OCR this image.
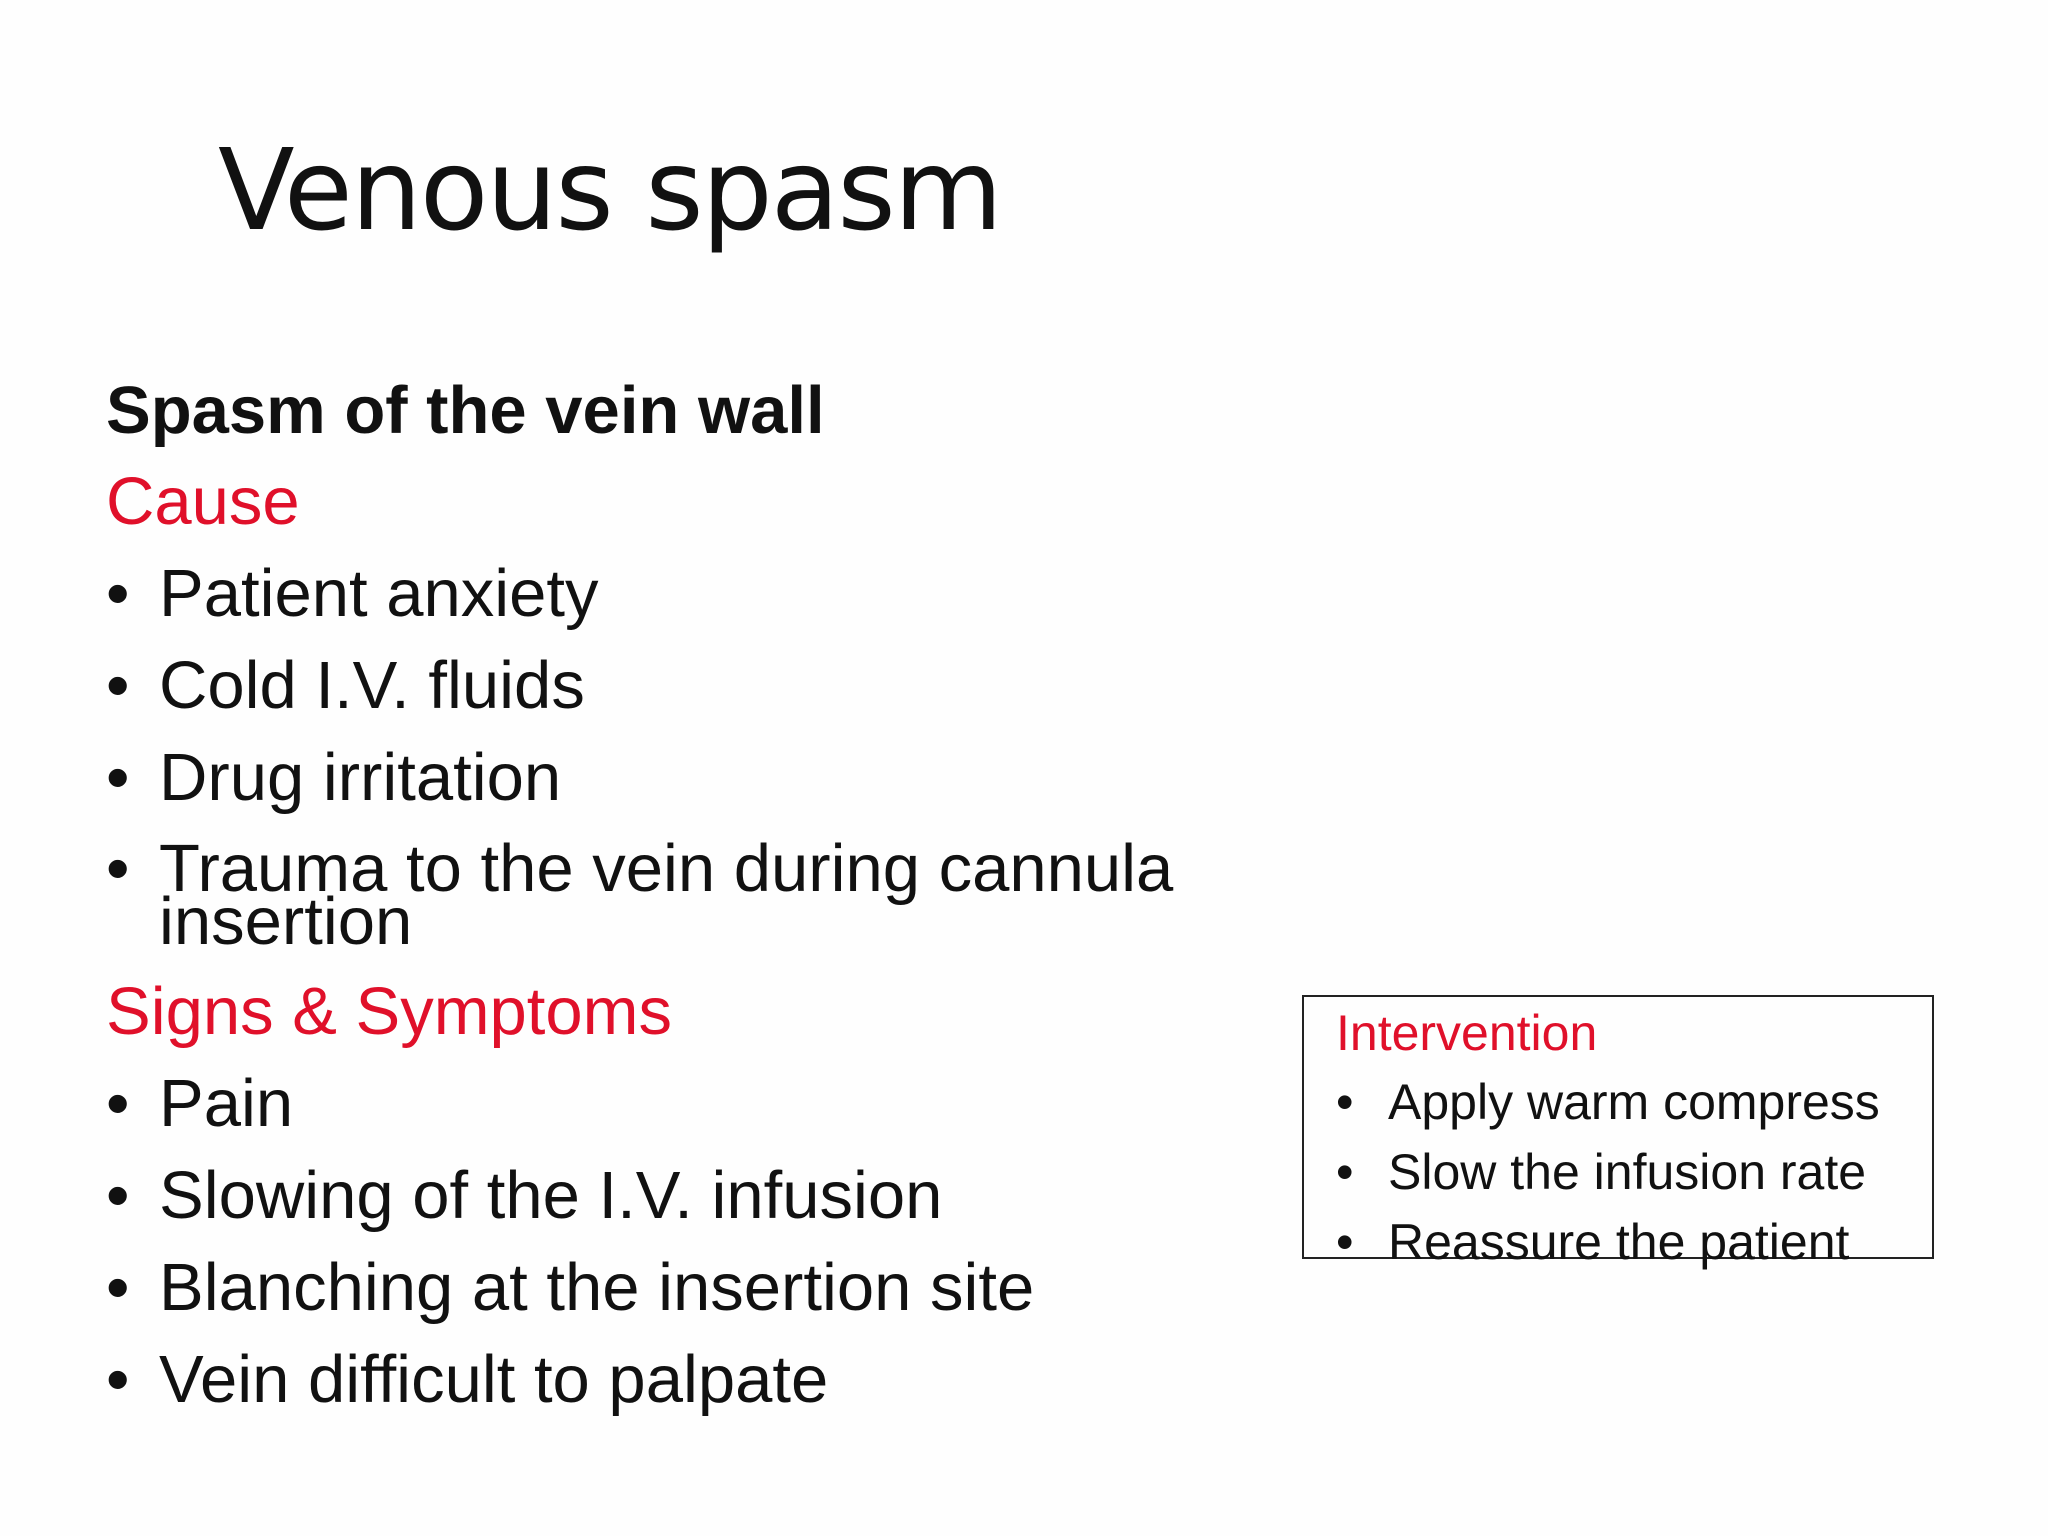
Venous spasm
Spasm of the vein wall
Cause
• Patient anxiety
• Cold I.V. fluids
• Drug irritation
• Trauma to the vein during cannula insertion
Signs & Symptoms
• Pain
• Slowing of the I.V. infusion
• Blanching at the insertion site
• Vein difficult to palpate
Intervention
• Apply warm compress
• Slow the infusion rate
• Reassure the patient
